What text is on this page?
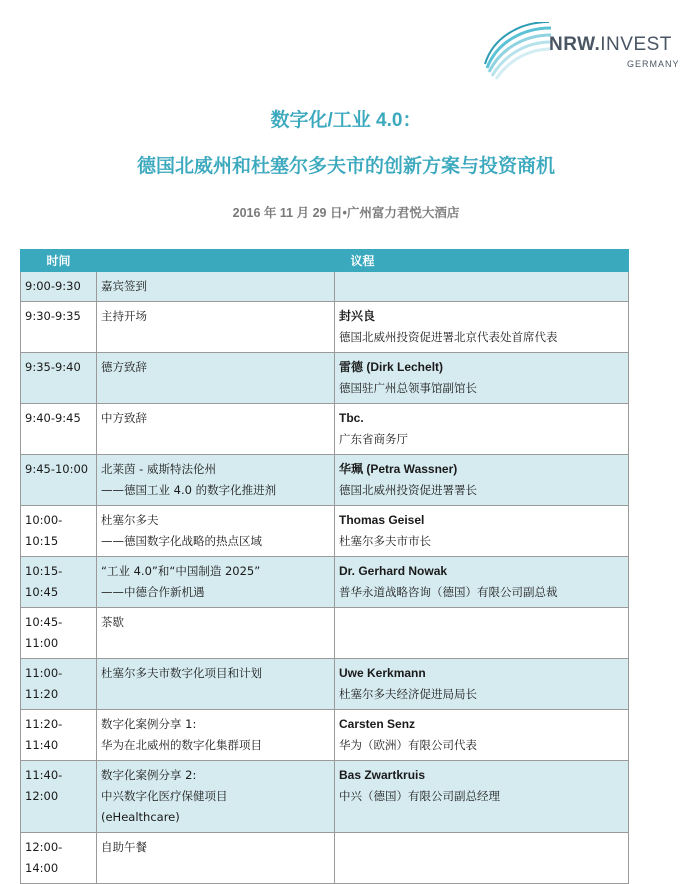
NRW.INVEST
GERMANY
数字化/工业 4.0：
德国北威州和杜塞尔多夫市的创新方案与投资商机
2016 年 11 月 29 日•广州富力君悦大酒店
时间	议程	
9:00-9:30	嘉宾签到	

9:30-9:35	主持开场	封兴良
德国北威州投资促进署北京代表处首席代表

9:35-9:40	德方致辞	雷德 (Dirk Lechelt)
德国驻广州总领事馆副馆长

9:40-9:45	中方致辞	Tbc.
广东省商务厅

9:45-10:00	北莱茵 - 威斯特法伦州
——德国工业 4.0 的数字化推进剂	华珮 (Petra Wassner)
德国北威州投资促进署署长

10:00-10:15	杜塞尔多夫
——德国数字化战略的热点区域	Thomas Geisel
杜塞尔多夫市市长

10:15-10:45	“工业 4.0”和“中国制造 2025”
——中德合作新机遇	Dr. Gerhard Nowak
普华永道战略咨询（德国）有限公司副总裁

10:45-11:00	茶歇	

11:00-11:20	杜塞尔多夫市数字化项目和计划	Uwe Kerkmann
杜塞尔多夫经济促进局局长

11:20-11:40	数字化案例分享 1:
华为在北威州的数字化集群项目	Carsten Senz
华为（欧洲）有限公司代表

11:40-12:00	数字化案例分享 2:
中兴数字化医疗保健项目
(eHealthcare)	Bas Zwartkruis
中兴（德国）有限公司副总经理

12:00-14:00	自助午餐	
